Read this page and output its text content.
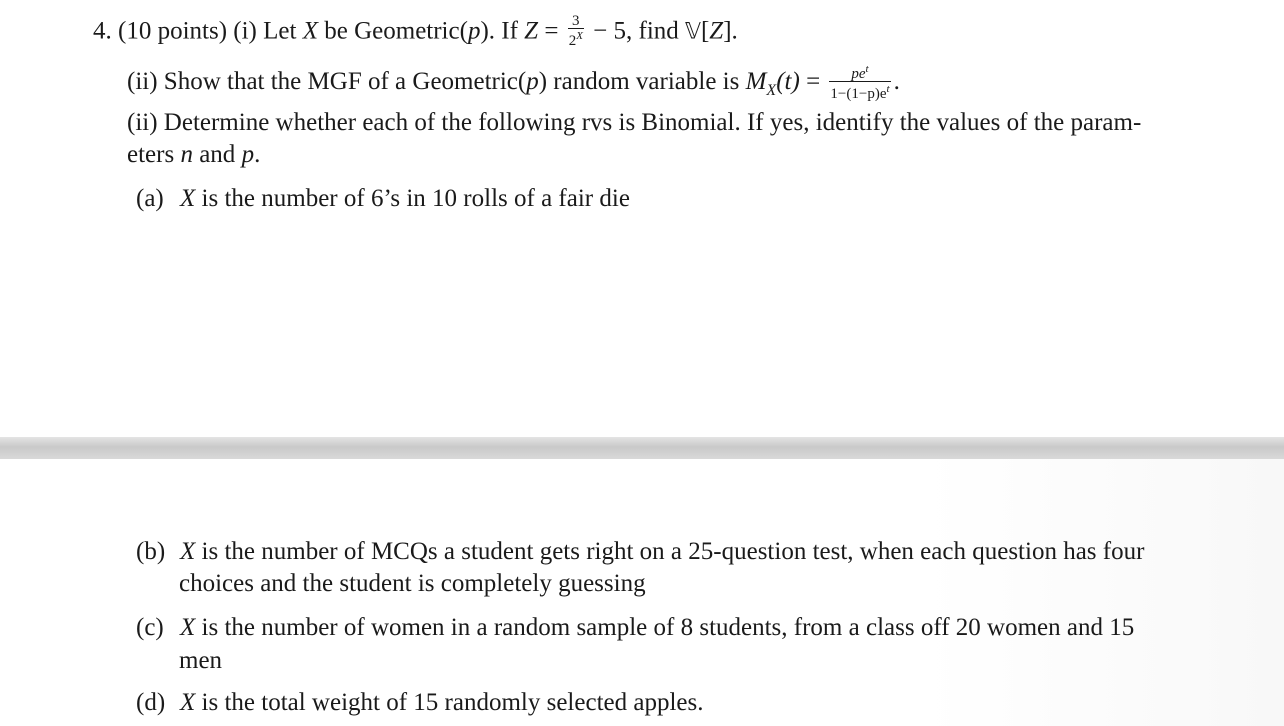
4. (10 points) (i) Let X be Geometric(p). If $Z = \frac{3}{2^X} - 5$, find 𝕍[Z].
(ii) Show that the MGF of a Geometric(p) random variable is $M_X(t) = \frac{pe^t}{1-(1-p)e^t}$ .
(ii) Determine whether each of the following rvs is Binomial. If yes, identify the values of the param-
eters n and p.
(a) X is the number of 6’s in 10 rolls of a fair die
(b) X is the number of MCQs a student gets right on a 25-question test, when each question has four
choices and the student is completely guessing
(c) X is the number of women in a random sample of 8 students, from a class off 20 women and 15
men
(d) X is the total weight of 15 randomly selected apples.
